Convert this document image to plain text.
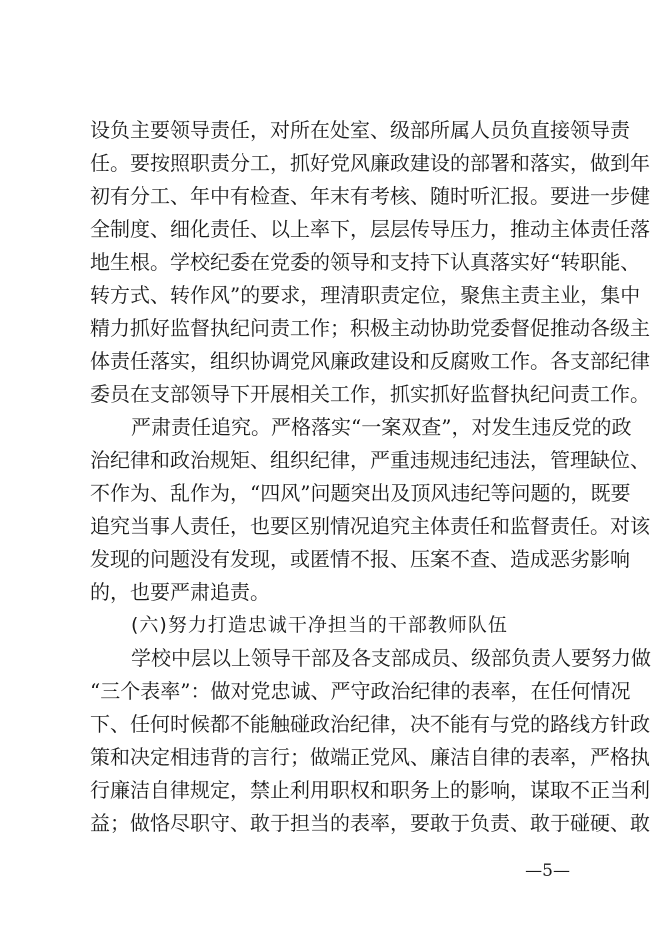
设负主要领导责任，对所在处室、级部所属人员负直接领导责
任。要按照职责分工，抓好党风廉政建设的部署和落实，做到年
初有分工、年中有检查、年末有考核、随时听汇报。要进一步健
全制度、细化责任、以上率下，层层传导压力，推动主体责任落
地生根。学校纪委在党委的领导和支持下认真落实好“转职能、
转方式、转作风”的要求，理清职责定位，聚焦主责主业，集中
精力抓好监督执纪问责工作；积极主动协助党委督促推动各级主
体责任落实，组织协调党风廉政建设和反腐败工作。各支部纪律
委员在支部领导下开展相关工作，抓实抓好监督执纪问责工作。
严肃责任追究。严格落实“一案双查”，对发生违反党的政
治纪律和政治规矩、组织纪律，严重违规违纪违法，管理缺位、
不作为、乱作为，“四风”问题突出及顶风违纪等问题的，既要
追究当事人责任，也要区别情况追究主体责任和监督责任。对该
发现的问题没有发现，或匿情不报、压案不查、造成恶劣影响
的，也要严肃追责。
(六)努力打造忠诚干净担当的干部教师队伍
学校中层以上领导干部及各支部成员、级部负责人要努力做
“三个表率”：做对党忠诚、严守政治纪律的表率，在任何情况
下、任何时候都不能触碰政治纪律，决不能有与党的路线方针政
策和决定相违背的言行；做端正党风、廉洁自律的表率，严格执
行廉洁自律规定，禁止利用职权和职务上的影响，谋取不正当利
益；做恪尽职守、敢于担当的表率，要敢于负责、敢于碰硬、敢
—5—
